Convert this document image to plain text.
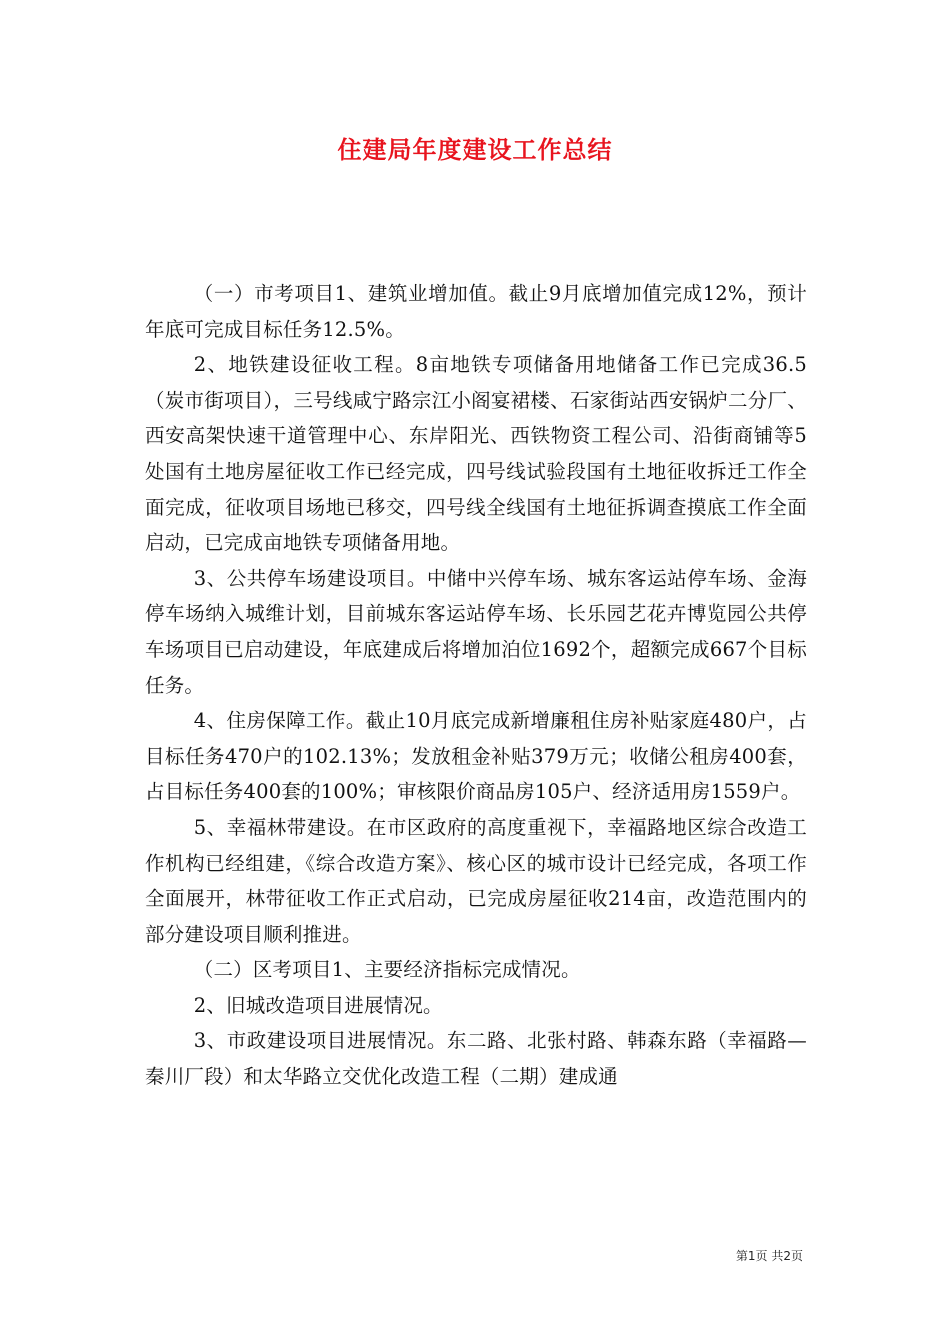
住建局年度建设工作总结

（一）市考项目1、建筑业增加值。截止9月底增加值完成12%，预计年底可完成目标任务12.5%。

2、地铁建设征收工程。8亩地铁专项储备用地储备工作已完成36.5（炭市街项目），三号线咸宁路宗江小阁宴裙楼、石家街站西安锅炉二分厂、西安高架快速干道管理中心、东岸阳光、西铁物资工程公司、沿街商铺等5处国有土地房屋征收工作已经完成，四号线试验段国有土地征收拆迁工作全面完成，征收项目场地已移交，四号线全线国有土地征拆调查摸底工作全面启动，已完成亩地铁专项储备用地。

3、公共停车场建设项目。中储中兴停车场、城东客运站停车场、金海停车场纳入城维计划，目前城东客运站停车场、长乐园艺花卉博览园公共停车场项目已启动建设，年底建成后将增加泊位1692个，超额完成667个目标任务。

4、住房保障工作。截止10月底完成新增廉租住房补贴家庭480户，占目标任务470户的102.13%；发放租金补贴379万元；收储公租房400套，占目标任务400套的100%；审核限价商品房105户、经济适用房1559户。

5、幸福林带建设。在市区政府的高度重视下，幸福路地区综合改造工作机构已经组建，《综合改造方案》、核心区的城市设计已经完成，各项工作全面展开，林带征收工作正式启动，已完成房屋征收214亩，改造范围内的部分建设项目顺利推进。

（二）区考项目1、主要经济指标完成情况。

2、旧城改造项目进展情况。

3、市政建设项目进展情况。东二路、北张村路、韩森东路（幸福路—秦川厂段）和太华路立交优化改造工程（二期）建成通

第1页 共2页
